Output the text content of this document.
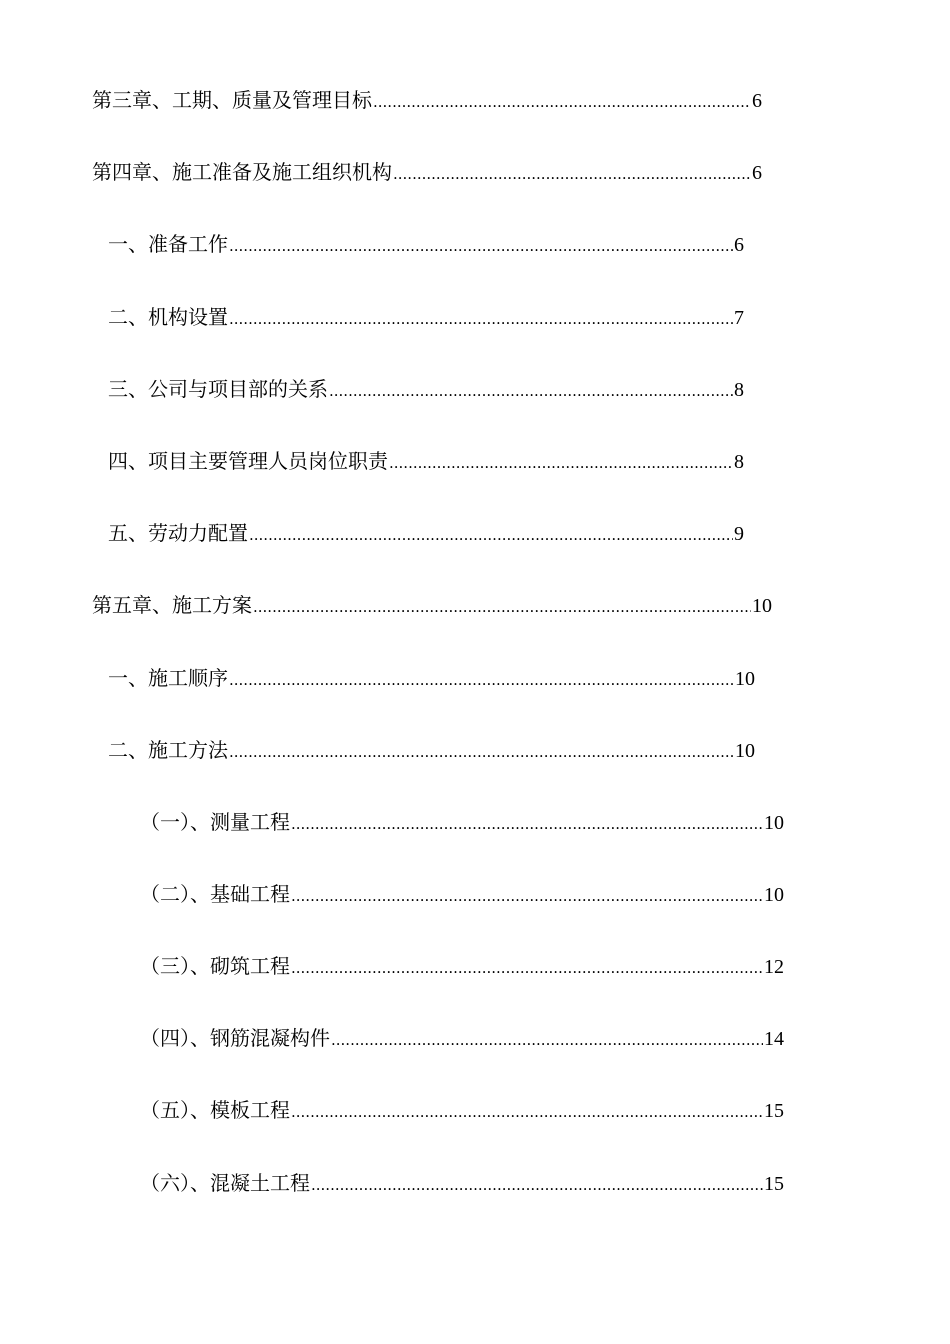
第三章、工期、质量及管理目标 .....	6
第四章、施工准备及施工组织机构 .....	6
一、准备工作 .....	6
二、机构设置 .....	7
三、公司与项目部的关系 .....	8
四、项目主要管理人员岗位职责 .....	8
五、劳动力配置 .....	9
第五章、施工方案 .....	10
一、施工顺序 .....	10
二、施工方法 .....	10
（一）、测量工程 .....	10
（二）、基础工程 .....	10
（三）、砌筑工程 .....	12
（四）、钢筋混凝构件 .....	14
（五）、模板工程 .....	15
（六）、混凝土工程 .....	15
